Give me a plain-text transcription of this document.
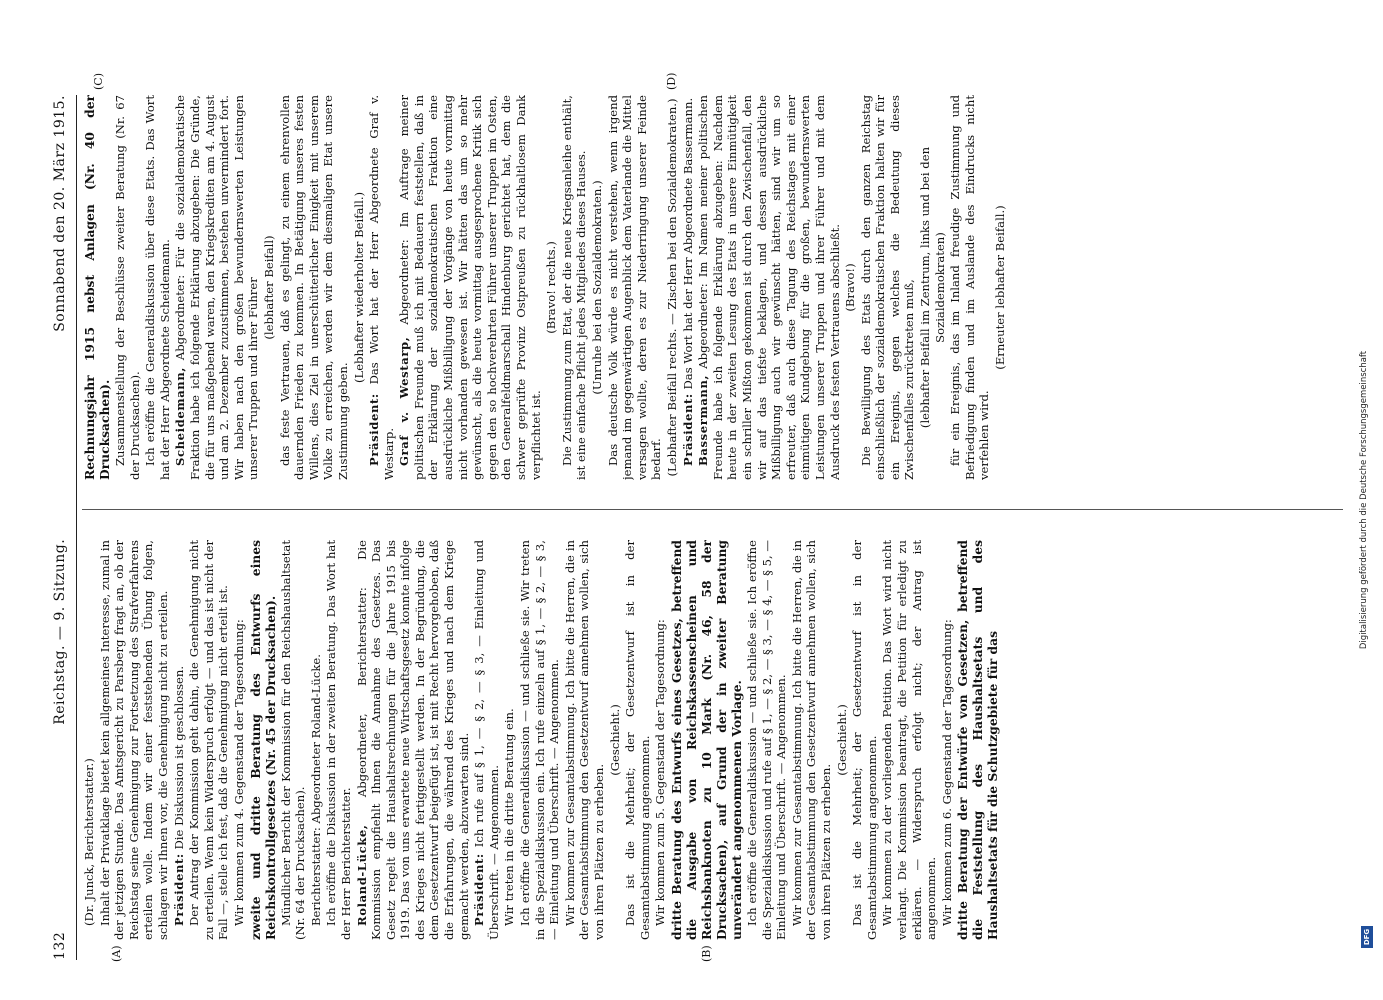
132
Reichstag. — 9. Sitzung.
Sonnabend den 20. März 1915.
(A)	(B)
(C)	(D)

(Dr. Junck, Berichterstatter.) Inhalt der Privatklage bietet kein allgemeines Interesse, zumal in der jetzigen Stunde. Das Amtsgericht zu Parsberg fragt an, ob der Reichstag seine Genehmigung zur Fortsetzung des Strafverfahrens erteilen wolle. Indem wir einer feststehenden Übung folgen, schlagen wir Ihnen vor, die Genehmigung nicht zu erteilen. Präsident: Die Diskussion ist geschlossen. Der Antrag der Kommission geht dahin, die Genehmigung nicht zu erteilen. Wenn kein Widerspruch erfolgt — und das ist nicht der Fall —, stelle ich fest, daß die Genehmigung nicht erteilt ist. Wir kommen zum 4. Gegenstand der Tagesordnung: zweite und dritte Beratung des Entwurfs eines Reichskontrollgesetzes (Nr. 45 der Drucksachen). Mündlicher Bericht der Kommission für den Reichshaushaltsetat (Nr. 64 der Drucksachen). Berichterstatter: Abgeordneter Roland-Lücke. Ich eröffne die Diskussion in der zweiten Beratung. Das Wort hat der Herr Berichterstatter. Roland-Lücke, Abgeordneter, Berichterstatter: Die Kommission empfiehlt Ihnen die Annahme des Gesetzes. Das Gesetz regelt die Haushaltsrechnungen für die Jahre 1915 bis 1919. Das von uns erwartete neue Wirtschaftsgesetz konnte infolge des Krieges nicht fertiggestellt werden. In der Begründung, die dem Gesetzentwurf beigefügt ist, ist mit Recht hervorgehoben, daß die Erfahrungen, die während des Krieges und nach dem Kriege gemacht werden, abzuwarten sind. Präsident: Ich rufe auf § 1, — § 2, — § 3, — Einleitung und Überschrift. — Angenommen. Wir treten in die dritte Beratung ein. Ich eröffne die Generaldiskussion — und schließe sie. Wir treten in die Spezialdiskussion ein. Ich rufe einzeln auf § 1, — § 2, — § 3, — Einleitung und Überschrift. — Angenommen. Wir kommen zur Gesamtabstimmung. Ich bitte die Herren, die in der Gesamtabstimmung den Gesetzentwurf annehmen wollen, sich von ihren Plätzen zu erheben.

(Geschieht.) Das ist die Mehrheit; der Gesetzentwurf ist in der Gesamtabstimmung angenommen. Wir kommen zum 5. Gegenstand der Tagesordnung: dritte Beratung des Entwurfs eines Gesetzes, betreffend die Ausgabe von Reichskassenscheinen und Reichsbanknoten zu 10 Mark (Nr. 46, 58 der Drucksachen), auf Grund der in zweiter Beratung unverändert angenommenen Vorlage. Ich eröffne die Generaldiskussion — und schließe sie. Ich eröffne die Spezialdiskussion und rufe auf § 1, — § 2, — § 3, — § 4, — § 5, — Einleitung und Überschrift. — Angenommen. Wir kommen zur Gesamtabstimmung. Ich bitte die Herren, die in der Gesamtabstimmung den Gesetzentwurf annehmen wollen, sich von ihren Plätzen zu erheben.

(Geschieht.) Das ist die Mehrheit; der Gesetzentwurf ist in der Gesamtabstimmung angenommen. Wir kommen zu der vorliegenden Petition. Das Wort wird nicht verlangt. Die Kommission beantragt, die Petition für erledigt zu erklären. — Widerspruch erfolgt nicht; der Antrag ist angenommen. Wir kommen zum 6. Gegenstand der Tagesordnung: dritte Beratung der Entwürfe von Gesetzen, betreffend die Feststellung des Haushaltsetats und des Haushaltsetats für die Schutzgebiete für das

Rechnungsjahr 1915 nebst Anlagen (Nr. 40 der Drucksachen). Zusammenstellung der Beschlüsse zweiter Beratung (Nr. 67 der Drucksachen). Ich eröffne die Generaldiskussion über diese Etats. Das Wort hat der Herr Abgeordnete Scheidemann. Scheidemann, Abgeordneter: Für die sozialdemokratische Fraktion habe ich folgende Erklärung abzugeben: Die Gründe, die für uns maßgebend waren, den Kriegskrediten am 4. August und am 2. Dezember zuzustimmen, bestehen unvermindert fort. Wir haben nach den großen bewundernswerten Leistungen unserer Truppen und ihrer Führer (lebhafter Beifall) das feste Vertrauen, daß es gelingt, zu einem ehrenvollen dauernden Frieden zu kommen. In Betätigung unseres festen Willens, dies Ziel in unerschütterlicher Einigkeit mit unserem Volke zu erreichen, werden wir dem diesmaligen Etat unsere Zustimmung geben.

(Lebhafter wiederholter Beifall.)

Präsident: Das Wort hat der Herr Abgeordnete Graf v. Westarp. Graf v. Westarp, Abgeordneter: Im Auftrage meiner politischen Freunde muß ich mit Bedauern feststellen, daß in der Erklärung der sozialdemokratischen Fraktion eine ausdrückliche Mißbilligung der Vorgänge von heute vormittag nicht vorhanden gewesen ist. Wir hätten das um so mehr gewünscht, als die heute vormittag ausgesprochene Kritik sich gegen den so hochverehrten Führer unserer Truppen im Osten, den Generalfeldmarschall Hindenburg gerichtet hat, dem die schwer geprüfte Provinz Ostpreußen zu rückhaltlosem Dank verpflichtet ist.

(Bravo! rechts.) Die Zustimmung zum Etat, der die neue Kriegsanleihe enthält, ist eine einfache Pflicht jedes Mitgliedes dieses Hauses. (Unruhe bei den Sozialdemokraten.) Das deutsche Volk würde es nicht verstehen, wenn irgend jemand im gegenwärtigen Augenblick dem Vaterlande die Mittel versagen wollte, deren es zur Niederringung unserer Feinde bedarf. (Lebhafter Beifall rechts. — Zischen bei den Sozialdemokraten.) Präsident: Das Wort hat der Herr Abgeordnete Bassermann.

Bassermann, Abgeordneter: Im Namen meiner politischen Freunde habe ich folgende Erklärung abzugeben: Nachdem heute in der zweiten Lesung des Etats in unsere Einmütigkeit ein schriller Mißton gekommen ist durch den Zwischenfall, den wir auf das tiefste beklagen, und dessen ausdrückliche Mißbilligung auch wir gewünscht hätten, sind wir um so erfreuter, daß auch diese Tagung des Reichstages mit einer einmütigen Kundgebung für die großen, bewundernswerten Leistungen unserer Truppen und ihrer Führer und mit dem Ausdruck des festen Vertrauens abschließt. (Bravo!) Die Bewilligung des Etats durch den ganzen Reichstag einschließlich der sozialdemokratischen Fraktion halten wir für ein Ereignis, gegen welches die Bedeutung dieses Zwischenfalles zurücktreten muß, (lebhafter Beifall im Zentrum, links und bei den Sozialdemokraten) für ein Ereignis, das im Inland freudige Zustimmung und Befriedigung finden und im Auslande des Eindrucks nicht verfehlen wird.

(Erneuter lebhafter Beifall.)

Digitalisierung gefördert durch die Deutsche Forschungsgemeinschaft
DFG
